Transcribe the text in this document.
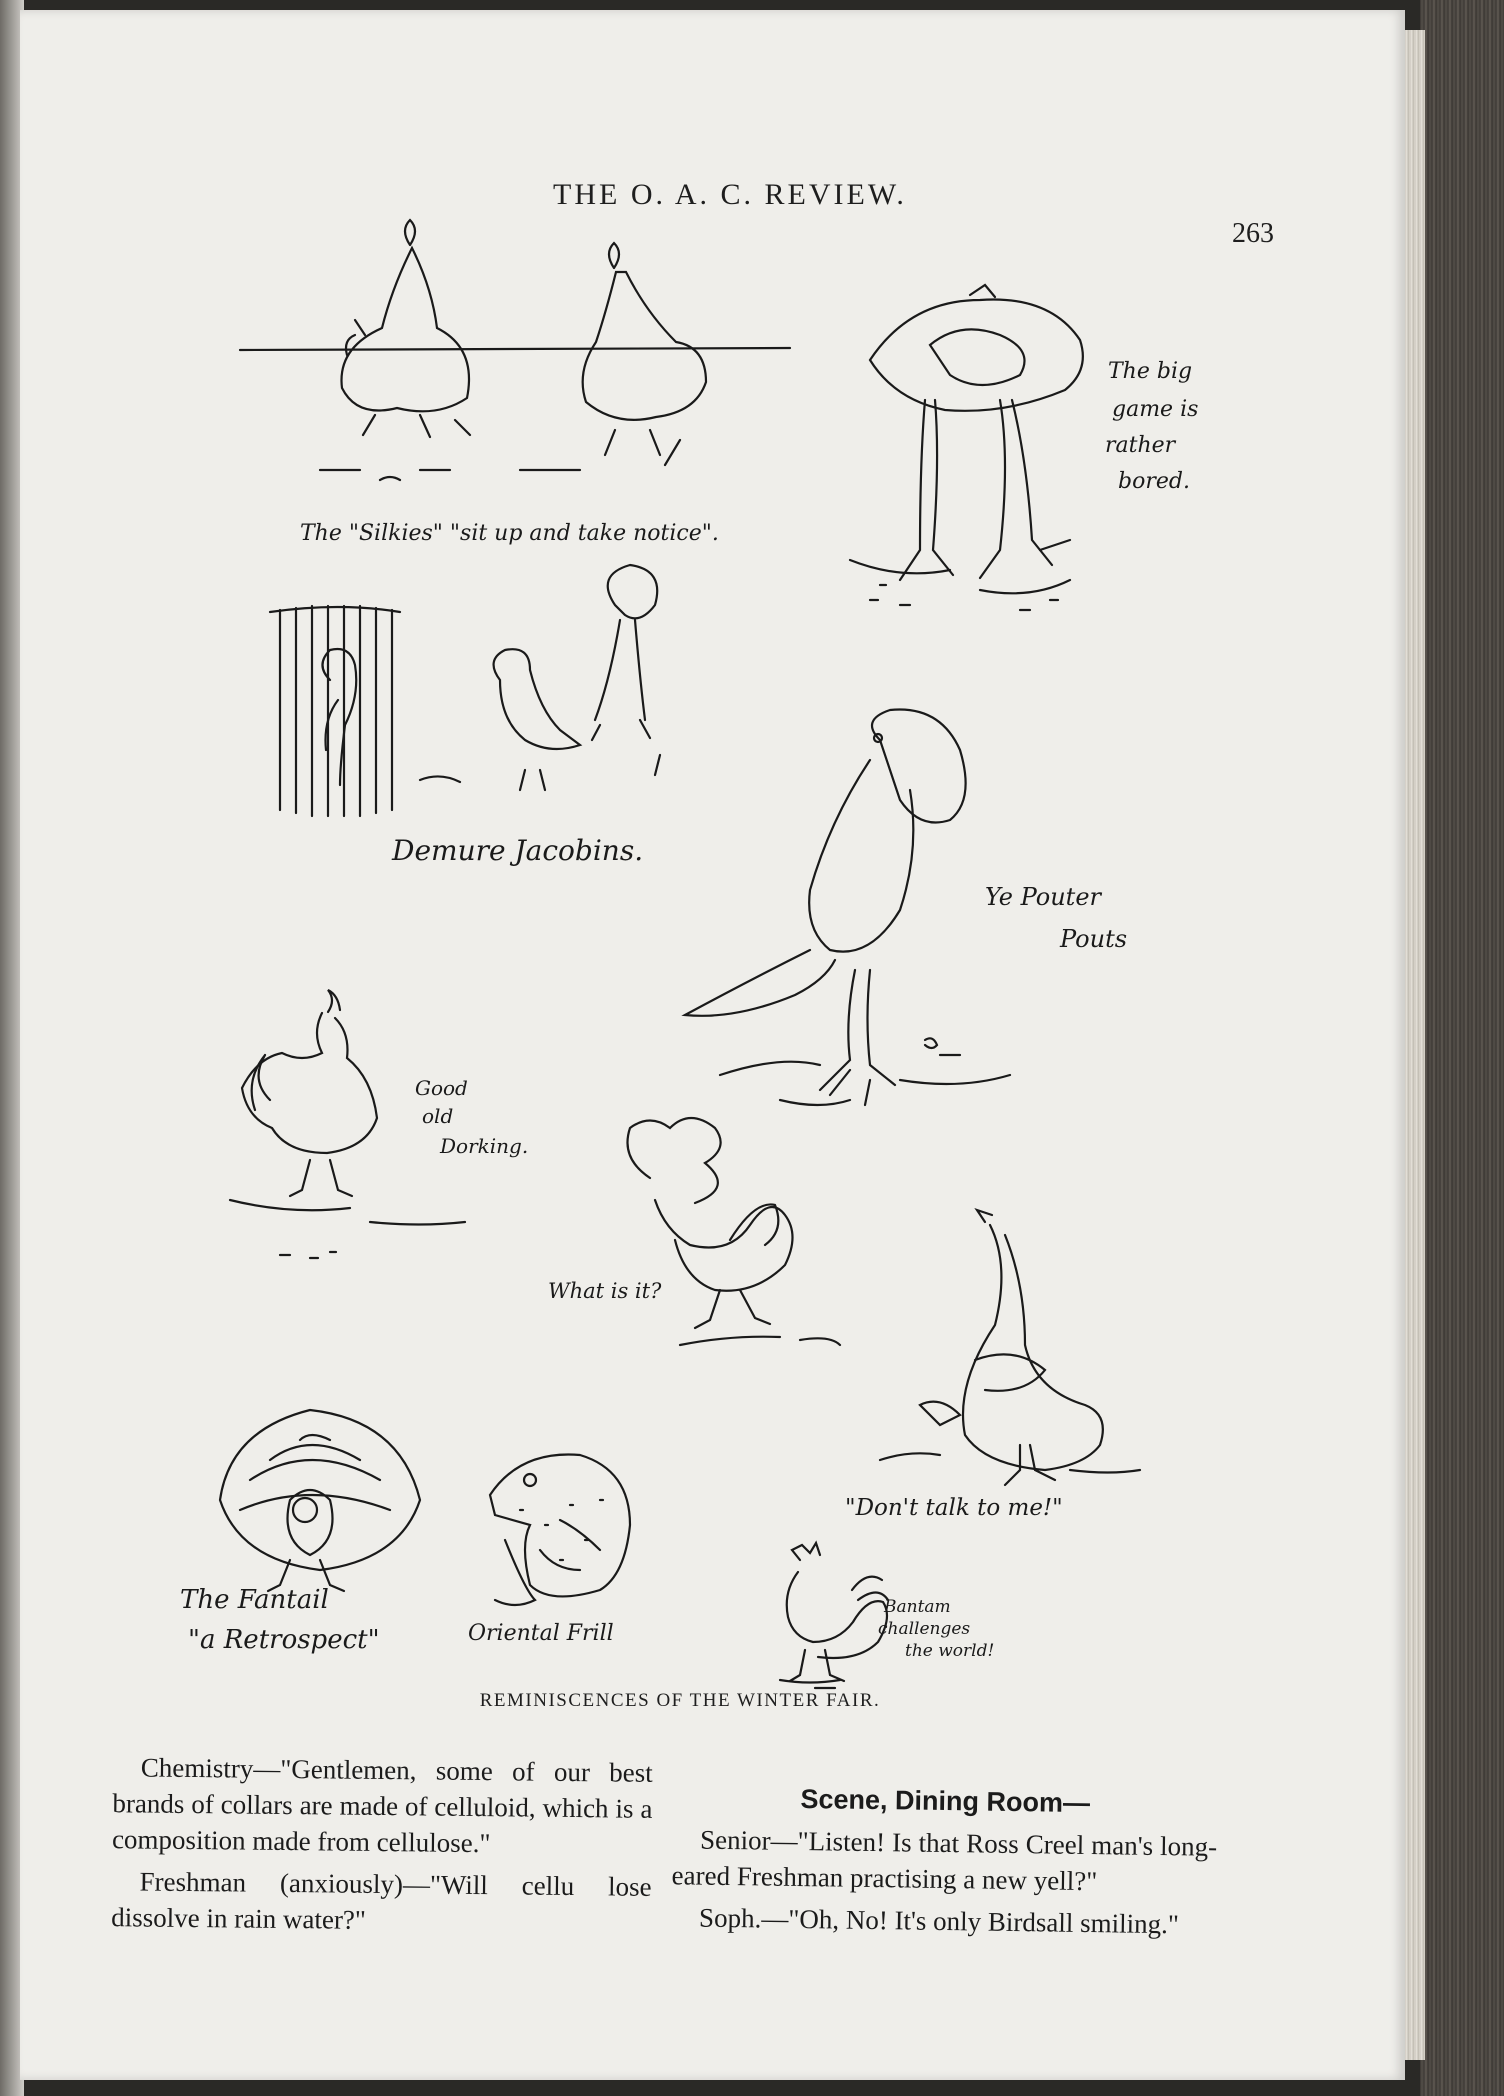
THE O. A. C. REVIEW.
263
The "Silkies" "sit up and take notice".
The big game is rather bored.
Demure Jacobins.
Ye Pouter Pouts
Good old Dorking.
What is it?
"Don't talk to me!"
The Fantail "a Retrospect"	Oriental Frill
Bantam challenges the world!
REMINISCENCES OF THE WINTER FAIR.

Chemistry—"Gentlemen, some of our best brands of collars are made of celluloid, which is a composition made from cellulose."

Freshman (anxiously)—"Will cellu lose dissolve in rain water?"

Scene, Dining Room—

Senior—"Listen! Is that Ross Creel man's long-eared Freshman practising a new yell?"

Soph.—"Oh, No! It's only Birdsall smiling."
